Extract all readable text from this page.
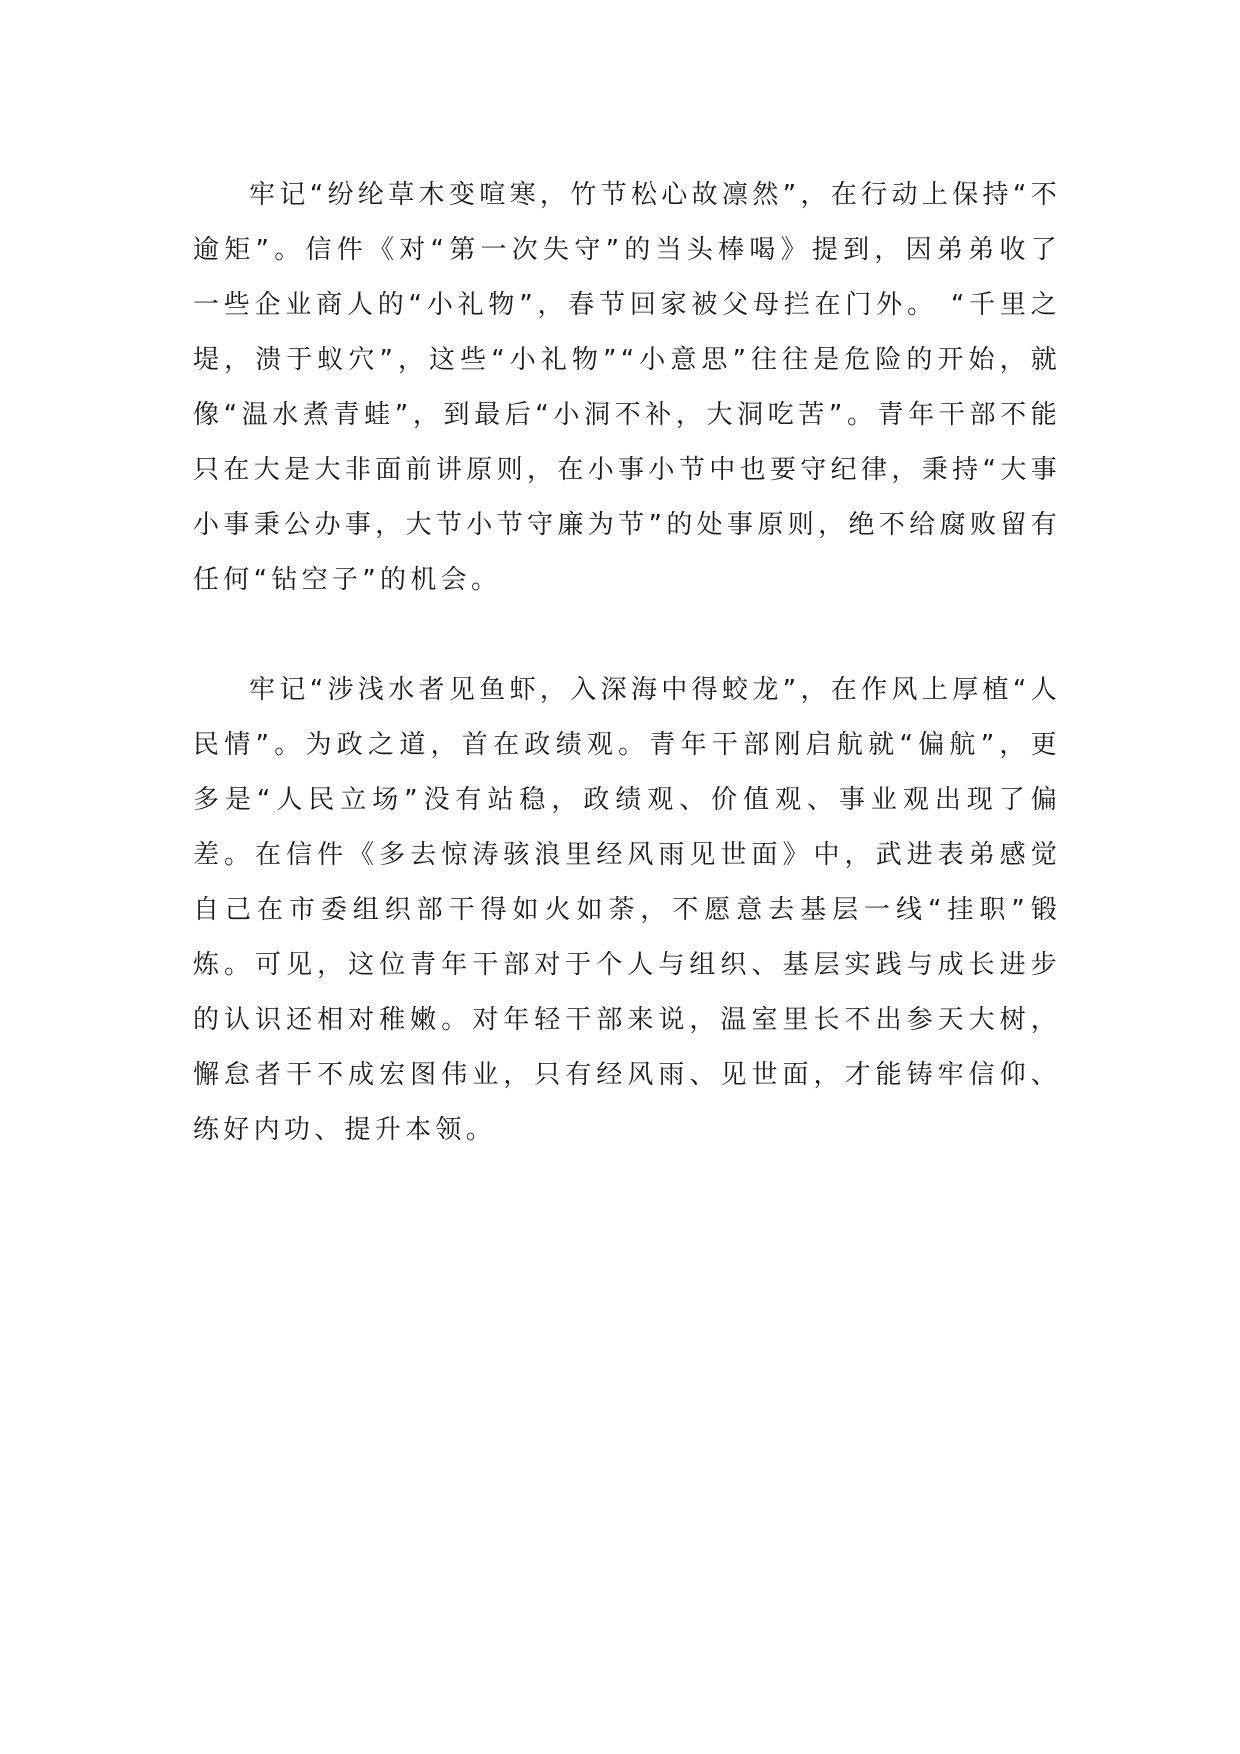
牢记“纷纶草木变喧寒，竹节松心故凛然”，在行动上保持“不逾矩”。信件《对“第一次失守”的当头棒喝》提到，因弟弟收了一些企业商人的“小礼物”，春节回家被父母拦在门外。 “千里之堤，溃于蚁穴”，这些“小礼物”“小意思”往往是危险的开始，就像“温水煮青蛙”，到最后“小洞不补，大洞吃苦”。青年干部不能只在大是大非面前讲原则，在小事小节中也要守纪律，秉持“大事小事秉公办事，大节小节守廉为节”的处事原则，绝不给腐败留有任何“钻空子”的机会。

牢记“涉浅水者见鱼虾，入深海中得蛟龙”，在作风上厚植“人民情”。为政之道，首在政绩观。青年干部刚启航就“偏航”，更多是“人民立场”没有站稳，政绩观、价值观、事业观出现了偏差。在信件《多去惊涛骇浪里经风雨见世面》中，武进表弟感觉自己在市委组织部干得如火如荼，不愿意去基层一线“挂职”锻炼。可见，这位青年干部对于个人与组织、基层实践与成长进步的认识还相对稚嫩。对年轻干部来说，温室里长不出参天大树，懈怠者干不成宏图伟业，只有经风雨、见世面，才能铸牢信仰、练好内功、提升本领。
